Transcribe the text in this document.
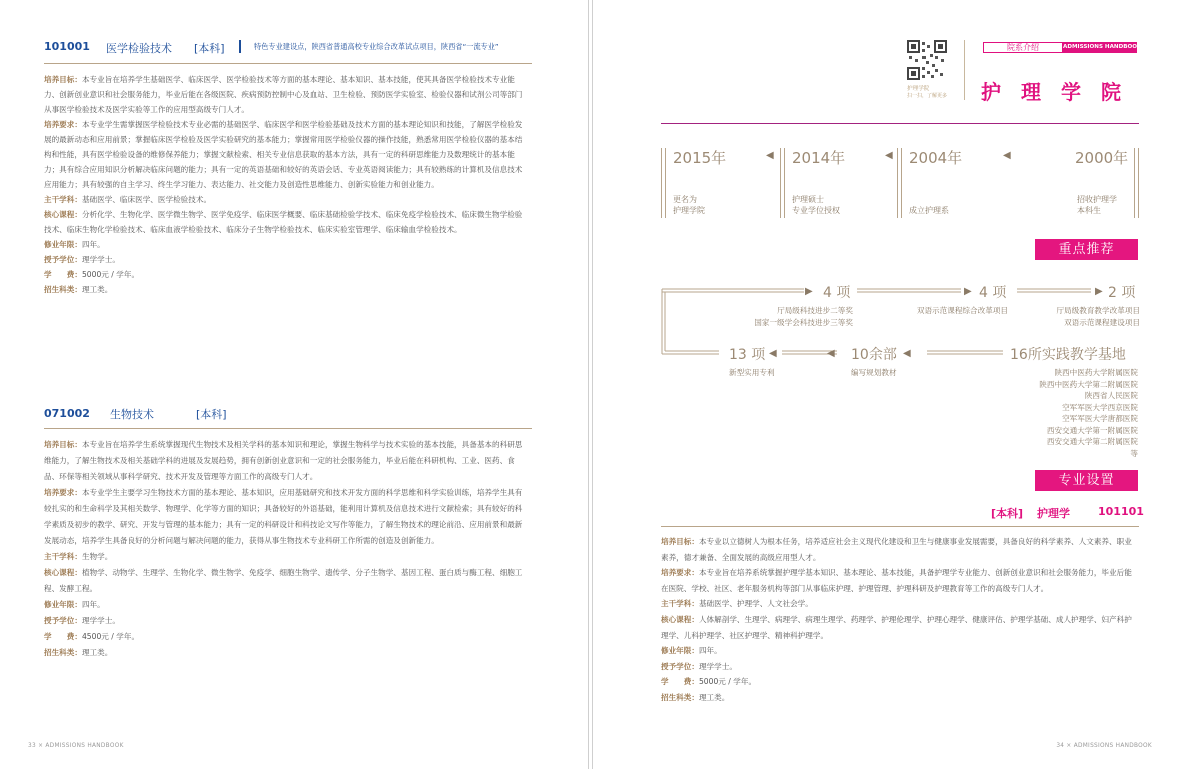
101001 医学检验技术 [本科]	特色专业建设点，陕西省普通高校专业综合改革试点项目，陕西省“一流专业”

培养目标：本专业旨在培养学生基础医学、临床医学、医学检验技术等方面的基本理论、基本知识、基本技能，使其具备医学检验技术专业能力、创新创业意识和社会服务能力，毕业后能在各级医院、疾病预防控制中心及血站、卫生检验、预防医学实验室、检验仪器和试剂公司等部门从事医学检验技术及医学实验等工作的应用型高级专门人才。

培养要求：本专业学生需掌握医学检验技术专业必需的基础医学、临床医学和医学检验基础及技术方面的基本理论知识和技能，了解医学检验发展的最新动态和应用前景；掌握临床医学检验及医学实验研究的基本能力；掌握常用医学检验仪器的操作技能，熟悉常用医学检验仪器的基本结构和性能，具有医学检验设备的维修保养能力；掌握文献检索、相关专业信息获取的基本方法，具有一定的科研思维能力及数理统计的基本能力；具有综合应用知识分析解决临床问题的能力；具有一定的英语基础和较好的英语会话、专业英语阅读能力；具有较熟练的计算机及信息技术应用能力；具有较强的自主学习、终生学习能力、表达能力、社交能力及创造性思维能力、创新实验能力和创业能力。

主干学科：基础医学、临床医学、医学检验技术。

核心课程：分析化学、生物化学、医学微生物学、医学免疫学、临床医学概要、临床基础检验学技术、临床免疫学检验技术、临床微生物学检验技术、临床生物化学检验技术、临床血液学检验技术、临床分子生物学检验技术、临床实验室管理学、临床输血学检验技术。

修业年限：四年。

授予学位：理学学士。

学　　费：5000元 / 学年。

招生科类：理工类。

071002 生物技术	[本科]

培养目标：本专业旨在培养学生系统掌握现代生物技术及相关学科的基本知识和理论，掌握生物科学与技术实验的基本技能，具备基本的科研思维能力，了解生物技术及相关基础学科的进展及发展趋势，拥有创新创业意识和一定的社会服务能力，毕业后能在科研机构、工业、医药、食品、环保等相关领域从事科学研究、技术开发及管理等方面工作的高级专门人才。

培养要求：本专业学生主要学习生物技术方面的基本理论、基本知识，应用基础研究和技术开发方面的科学思维和科学实验训练，培养学生具有较扎实的和生命科学及其相关数学、物理学、化学等方面的知识；具备较好的外语基础，能利用计算机及信息技术进行文献检索；具有较好的科学素质及初步的教学、研究、开发与管理的基本能力；具有一定的科研设计和科技论文写作等能力，了解生物技术的理论前沿、应用前景和最新发展动态，培养学生具备良好的分析问题与解决问题的能力，获得从事生物技术专业科研工作所需的创造及创新能力。

主干学科：生物学。

核心课程：植物学、动物学、生理学、生物化学、微生物学、免疫学、细胞生物学、遗传学、分子生物学、基因工程、蛋白质与酶工程、细胞工程、发酵工程。

修业年限：四年。

授予学位：理学学士。

学　　费：4500元 / 学年。

招生科类：理工类。

33 × ADMISSIONS HANDBOOK
护理学院
扫一扫，了解更多
院系介绍	ADMISSIONS HANDBOOK
护　理　学　院
2015年
更名为
护理学院
◀ 2014年
护理硕士
专业学位授权
◀ 2004年
成立护理系
◀	2000年
招收护理学
本科生
重点推荐
▶	▶	▶
◀	◀	◀
4 项
厅局级科技进步二等奖
国家一级学会科技进步三等奖
4 项
双语示范课程综合改革项目
2 项
厅局级教育教学改革项目
双语示范课程建设项目
13 项
新型实用专利
10余部
编写规划教材
16所实践教学基地
陕西中医药大学附属医院
陕西中医药大学第二附属医院
陕西省人民医院
空军军医大学西京医院
空军军医大学唐都医院
西安交通大学第一附属医院
西安交通大学第二附属医院
等
专业设置
[本科] 护理学	101101

培养目标：本专业以立德树人为根本任务，培养适应社会主义现代化建设和卫生与健康事业发展需要，具备良好的科学素养、人文素养、职业素养，德才兼备、全面发展的高级应用型人才。

培养要求：本专业旨在培养系统掌握护理学基本知识、基本理论、基本技能，具备护理学专业能力、创新创业意识和社会服务能力，毕业后能在医院、学校、社区、老年服务机构等部门从事临床护理、护理管理、护理科研及护理教育等工作的高级专门人才。

主干学科：基础医学、护理学、人文社会学。

核心课程：人体解剖学、生理学、病理学、病理生理学、药理学、护理伦理学、护理心理学、健康评估、护理学基础、成人护理学、妇产科护理学、儿科护理学、社区护理学、精神科护理学。

修业年限：四年。

授予学位：理学学士。

学　　费：5000元 / 学年。

招生科类：理工类。

34 × ADMISSIONS HANDBOOK
